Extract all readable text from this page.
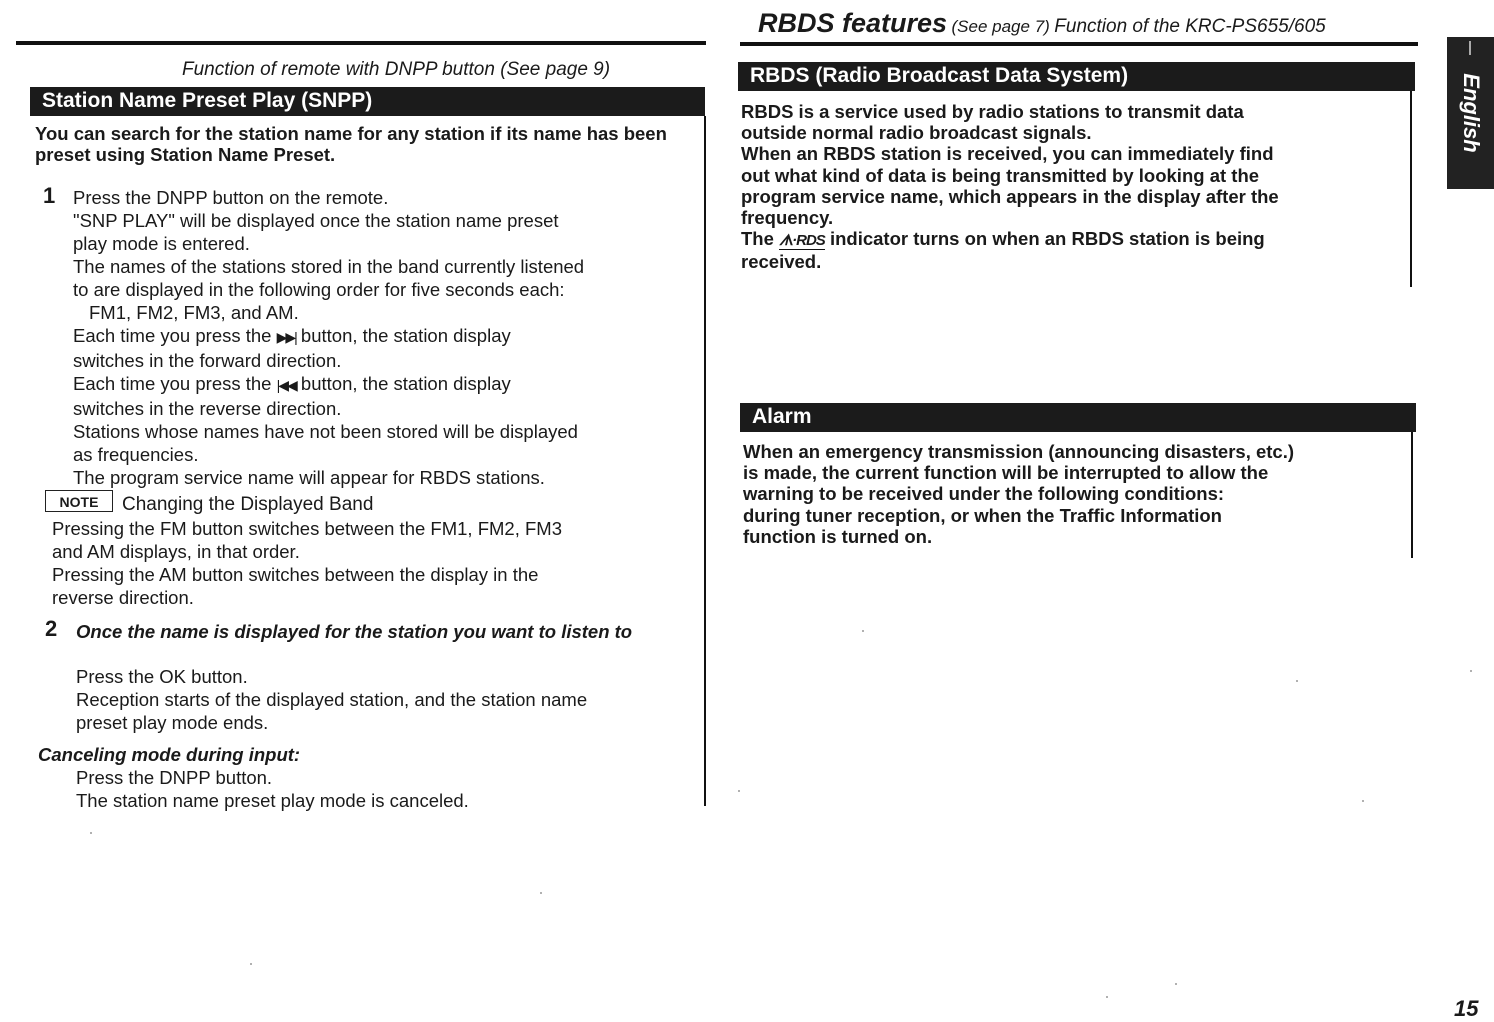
Function of remote with DNPP button (See page 9)
Station Name Preset Play (SNPP)
You can search for the station name for any station if its name has been preset using Station Name Preset.
1 Press the DNPP button on the remote.
"SNP PLAY" will be displayed once the station name preset
play mode is entered.
The names of the stations stored in the band currently listened
to are displayed in the following order for five seconds each:
FM1, FM2, FM3, and AM.
Each time you press the ▶▶| button, the station display
switches in the forward direction.
Each time you press the |◀◀ button, the station display
switches in the reverse direction.
Stations whose names have not been stored will be displayed
as frequencies.
The program service name will appear for RBDS stations.
NOTE	Changing the Displayed Band
Pressing the FM button switches between the FM1, FM2, FM3
and AM displays, in that order.
Pressing the AM button switches between the display in the
reverse direction.
2 Once the name is displayed for the station you want to listen to
Press the OK button.
Reception starts of the displayed station, and the station name
preset play mode ends.
Canceling mode during input:
Press the DNPP button.
The station name preset play mode is canceled.
RBDS features (See page 7) Function of the KRC-PS655/605
RBDS (Radio Broadcast Data System)
RBDS is a service used by radio stations to transmit data
outside normal radio broadcast signals.
When an RBDS station is received, you can immediately find
out what kind of data is being transmitted by looking at the
program service name, which appears in the display after the
frequency.
The ᗑ·RDS indicator turns on when an RBDS station is being
received.
Alarm
When an emergency transmission (announcing disasters, etc.)
is made, the current function will be interrupted to allow the
warning to be received under the following conditions:
during tuner reception, or when the Traffic Information
function is turned on.
English
15
